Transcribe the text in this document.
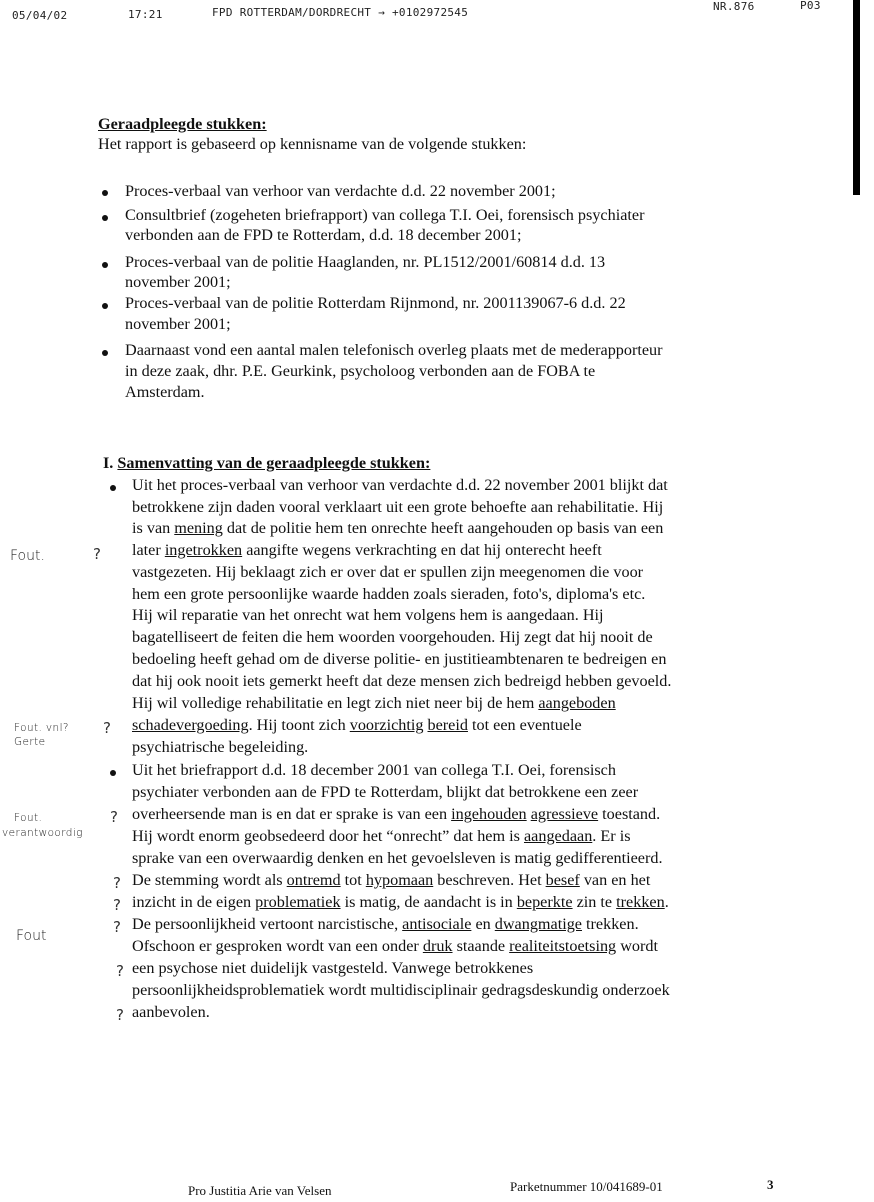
05/04/02	17:21	FPD ROTTERDAM/DORDRECHT → +0102972545	NR.876	P03
Geraadpleegde stukken:
Het rapport is gebaseerd op kennisname van de volgende stukken:
Proces-verbaal van verhoor van verdachte d.d. 22 november 2001;
Consultbrief (zogeheten briefrapport) van collega T.I. Oei, forensisch psychiater
verbonden aan de FPD te Rotterdam, d.d. 18 december 2001;
Proces-verbaal van de politie Haaglanden, nr. PL1512/2001/60814 d.d. 13
november 2001;
Proces-verbaal van de politie Rotterdam Rijnmond, nr. 2001139067-6 d.d. 22
november 2001;
Daarnaast vond een aantal malen telefonisch overleg plaats met de mederapporteur
in deze zaak, dhr. P.E. Geurkink, psycholoog verbonden aan de FOBA te
Amsterdam.
I. Samenvatting van de geraadpleegde stukken:
Uit het proces-verbaal van verhoor van verdachte d.d. 22 november 2001 blijkt dat
betrokkene zijn daden vooral verklaart uit een grote behoefte aan rehabilitatie. Hij
is van mening dat de politie hem ten onrechte heeft aangehouden op basis van een
later ingetrokken aangifte wegens verkrachting en dat hij onterecht heeft
vastgezeten. Hij beklaagt zich er over dat er spullen zijn meegenomen die voor
hem een grote persoonlijke waarde hadden zoals sieraden, foto's, diploma's etc.
Hij wil reparatie van het onrecht wat hem volgens hem is aangedaan. Hij
bagatelliseert de feiten die hem woorden voorgehouden. Hij zegt dat hij nooit de
bedoeling heeft gehad om de diverse politie- en justitieambtenaren te bedreigen en
dat hij ook nooit iets gemerkt heeft dat deze mensen zich bedreigd hebben gevoeld.
Hij wil volledige rehabilitatie en legt zich niet neer bij de hem aangeboden
schadevergoeding. Hij toont zich voorzichtig bereid tot een eventuele
psychiatrische begeleiding.
Uit het briefrapport d.d. 18 december 2001 van collega T.I. Oei, forensisch
psychiater verbonden aan de FPD te Rotterdam, blijkt dat betrokkene een zeer
overheersende man is en dat er sprake is van een ingehouden agressieve toestand.
Hij wordt enorm geobsedeerd door het “onrecht” dat hem is aangedaan. Er is
sprake van een overwaardig denken en het gevoelsleven is matig gedifferentieerd.
De stemming wordt als ontremd tot hypomaan beschreven. Het besef van en het
inzicht in de eigen problematiek is matig, de aandacht is in beperkte zin te trekken.
De persoonlijkheid vertoont narcistische, antisociale en dwangmatige trekken.
Ofschoon er gesproken wordt van een onder druk staande realiteitstoetsing wordt
een psychose niet duidelijk vastgesteld. Vanwege betrokkenes
persoonlijkheidsproblematiek wordt multidisciplinair gedragsdeskundig onderzoek
aanbevolen.
Fout.	?
Fout. vnl?
Gerte
?
Fout.
verantwoordig
?
?
?
Fout	?
?
?
Pro Justitia Arie van Velsen	Parketnummer 10/041689-01	3
